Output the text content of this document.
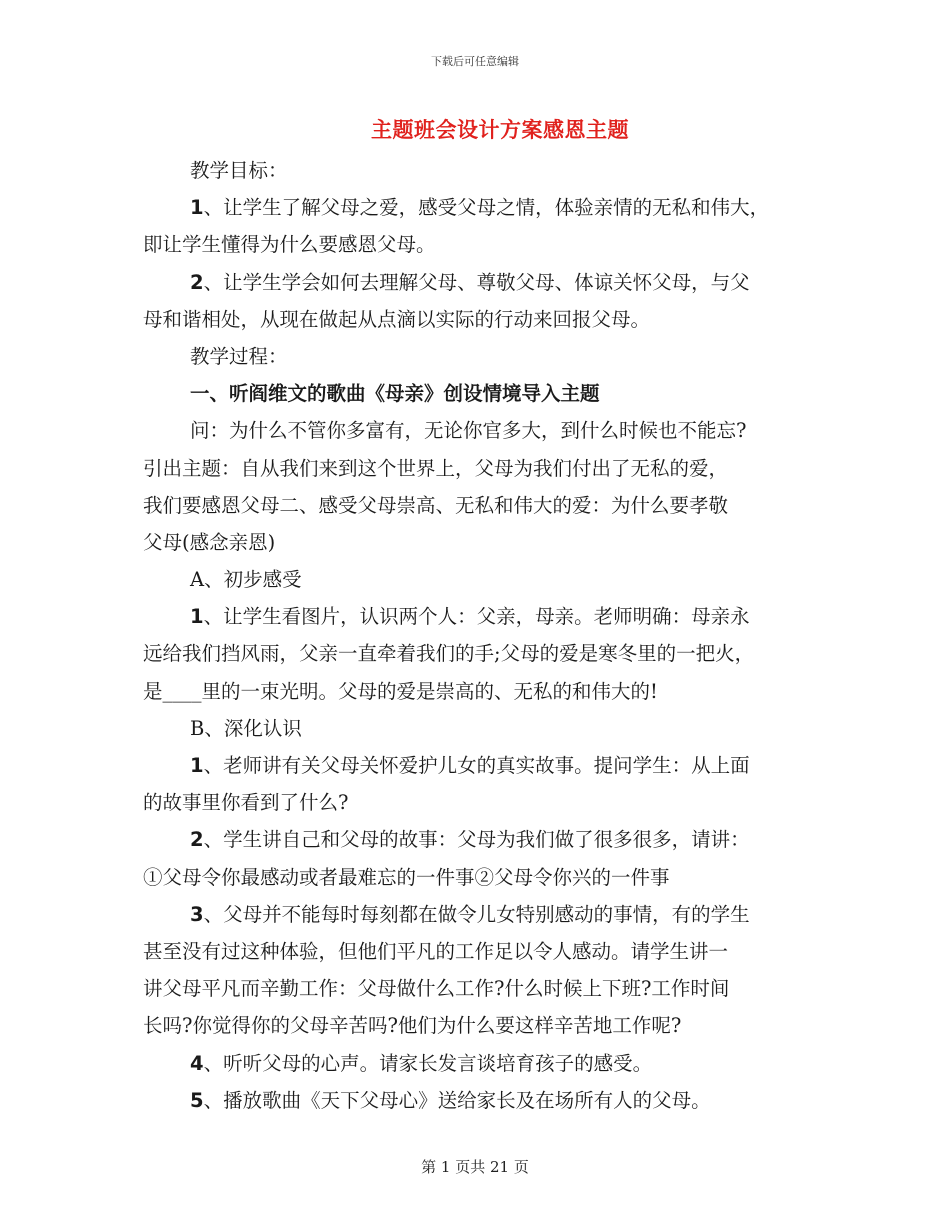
下载后可任意编辑
主题班会设计方案感恩主题
教学目标：
1、让学生了解父母之爱，感受父母之情，体验亲情的无私和伟大，
即让学生懂得为什么要感恩父母。
2、让学生学会如何去理解父母、尊敬父母、体谅关怀父母，与父
母和谐相处，从现在做起从点滴以实际的行动来回报父母。
教学过程：
一、听阎维文的歌曲《母亲》创设情境导入主题
问：为什么不管你多富有，无论你官多大，到什么时候也不能忘?
引出主题：自从我们来到这个世界上，父母为我们付出了无私的爱，
我们要感恩父母二、感受父母崇高、无私和伟大的爱：为什么要孝敬
父母(感念亲恩)
A、初步感受
1、让学生看图片，认识两个人：父亲，母亲。老师明确：母亲永
远给我们挡风雨，父亲一直牵着我们的手;父母的爱是寒冬里的一把火，
是____里的一束光明。父母的爱是崇高的、无私的和伟大的!
B、深化认识
1、老师讲有关父母关怀爱护儿女的真实故事。提问学生：从上面
的故事里你看到了什么?
2、学生讲自己和父母的故事：父母为我们做了很多很多，请讲：
①父母令你最感动或者最难忘的一件事②父母令你兴的一件事
3、父母并不能每时每刻都在做令儿女特别感动的事情，有的学生
甚至没有过这种体验，但他们平凡的工作足以令人感动。请学生讲一
讲父母平凡而辛勤工作：父母做什么工作?什么时候上下班?工作时间
长吗?你觉得你的父母辛苦吗?他们为什么要这样辛苦地工作呢?
4、听听父母的心声。请家长发言谈培育孩子的感受。
5、播放歌曲《天下父母心》送给家长及在场所有人的父母。
第 1 页共 21 页
